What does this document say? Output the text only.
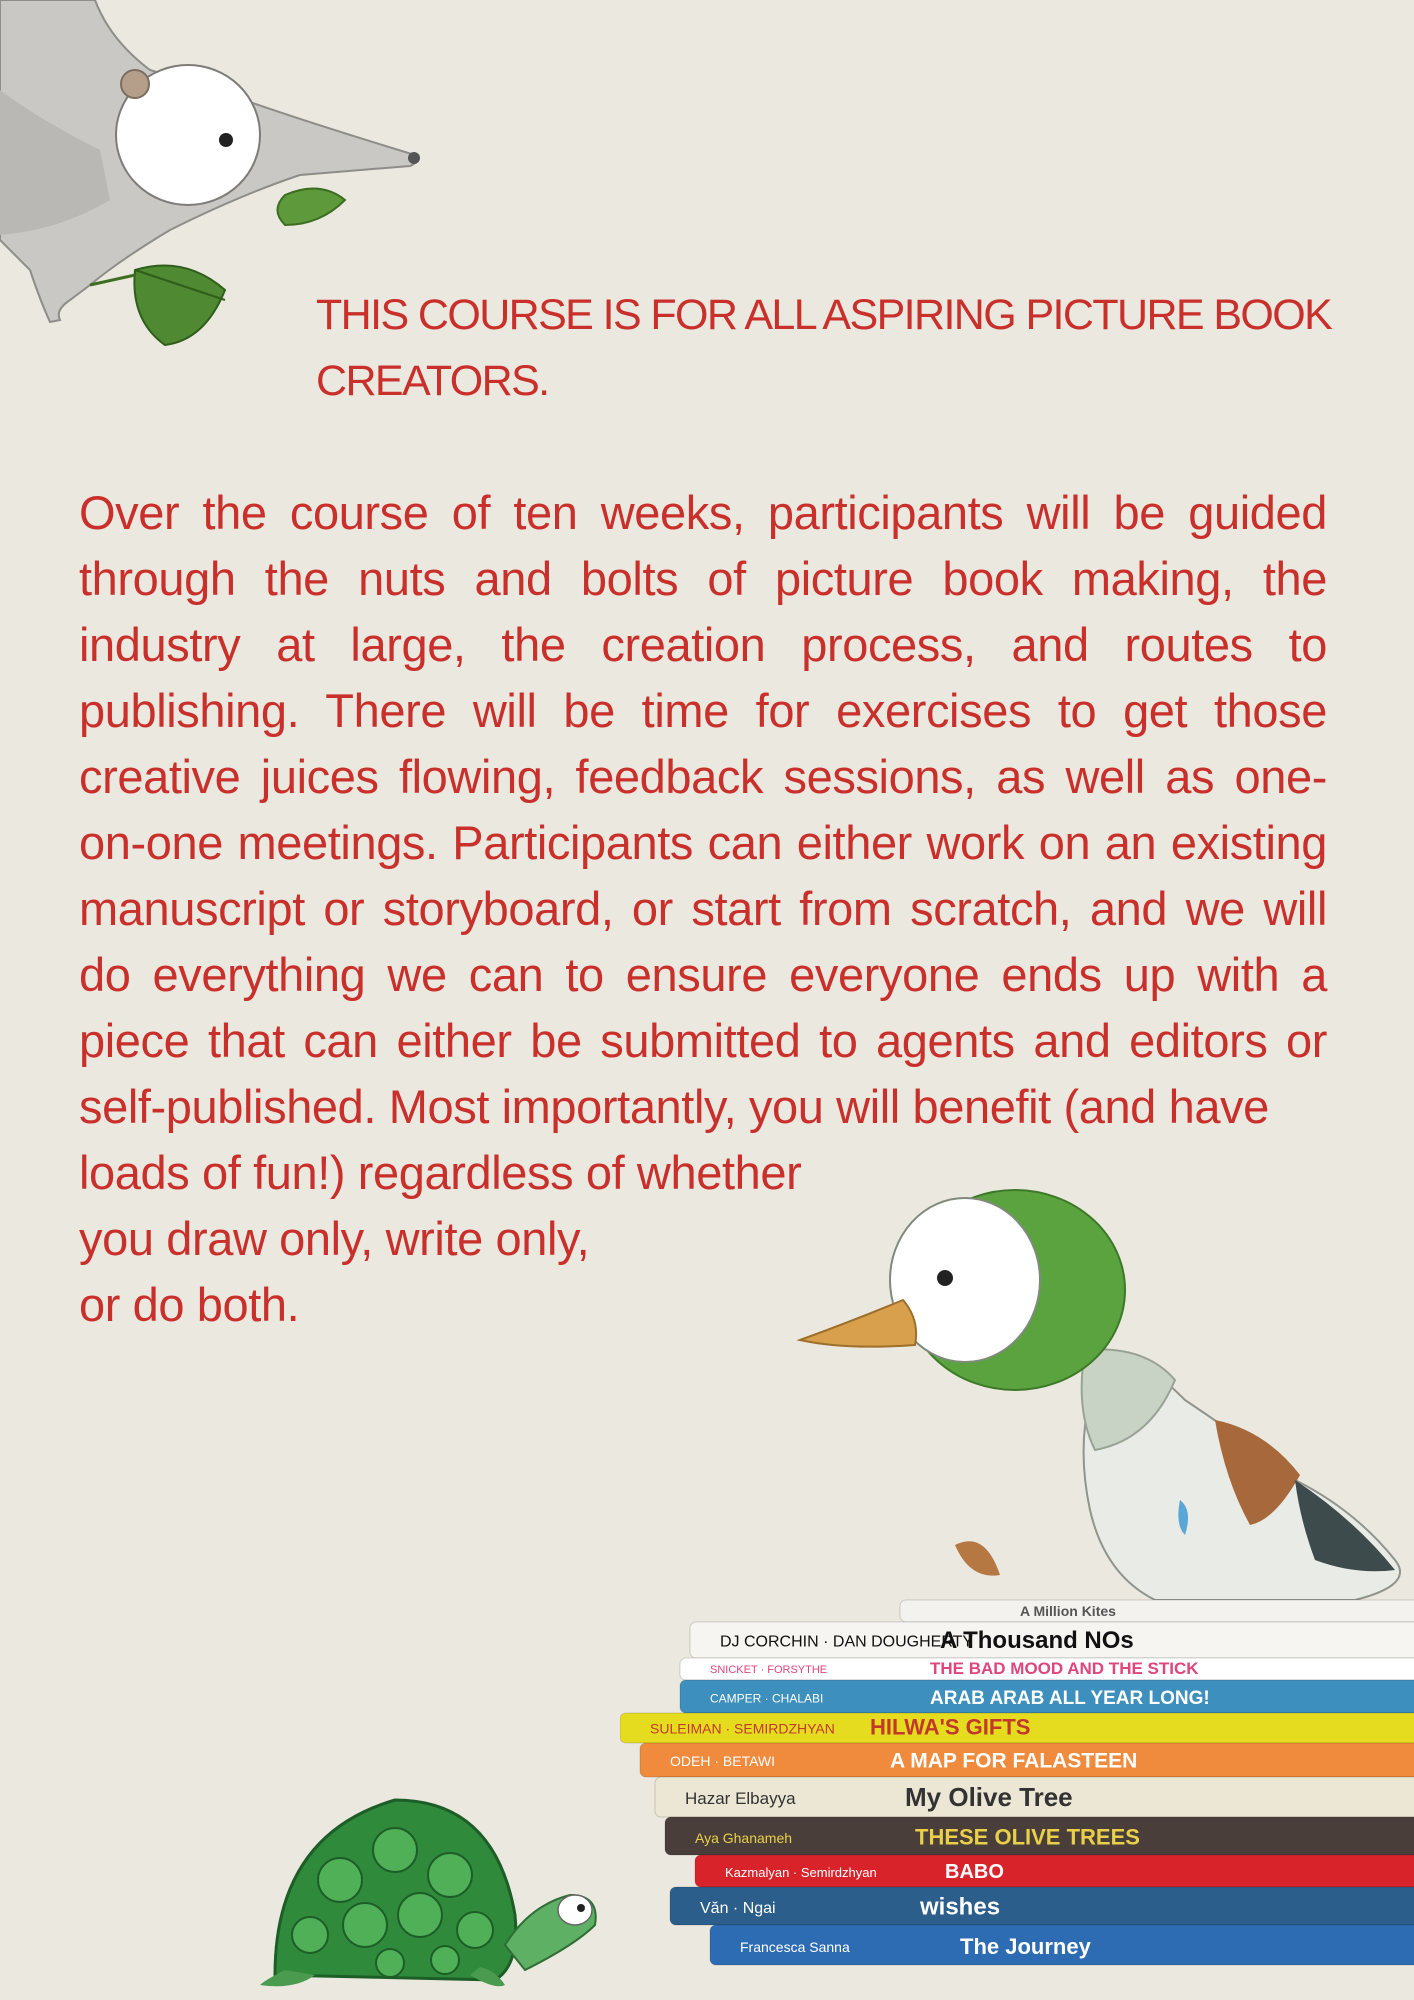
THIS COURSE IS FOR ALL ASPIRING PICTURE BOOK CREATORS.

Over the course of ten weeks, participants will be guided through the nuts and bolts of picture book making, the industry at large, the creation process, and routes to publishing. There will be time for exercises to get those creative juices flowing, feedback sessions, as well as one-on-one meetings. Participants can either work on an existing manuscript or storyboard, or start from scratch, and we will do everything we can to ensure everyone ends up with a piece that can either be submitted to agents and editors or self-published. Most importantly, you will benefit (and have

loads of fun!) regardless of whether

you draw only, write only,

or do both.

A Million Kites
DJ CORCHIN · DAN DOUGHERTY
A Thousand NOs
SNICKET · FORSYTHE	THE BAD MOOD AND THE STICK
CAMPER · CHALABI	ARAB ARAB ALL YEAR LONG!
SULEIMAN · SEMIRDZHYAN HILWA'S GIFTS
ODEH · BETAWI	A MAP FOR FALASTEEN
Hazar Elbayya	My Olive Tree
Aya Ghanameh	THESE OLIVE TREES
Kazmalyan · Semirdzhyan	BABO
Văn · Ngai	wishes
Francesca Sanna	The Journey
